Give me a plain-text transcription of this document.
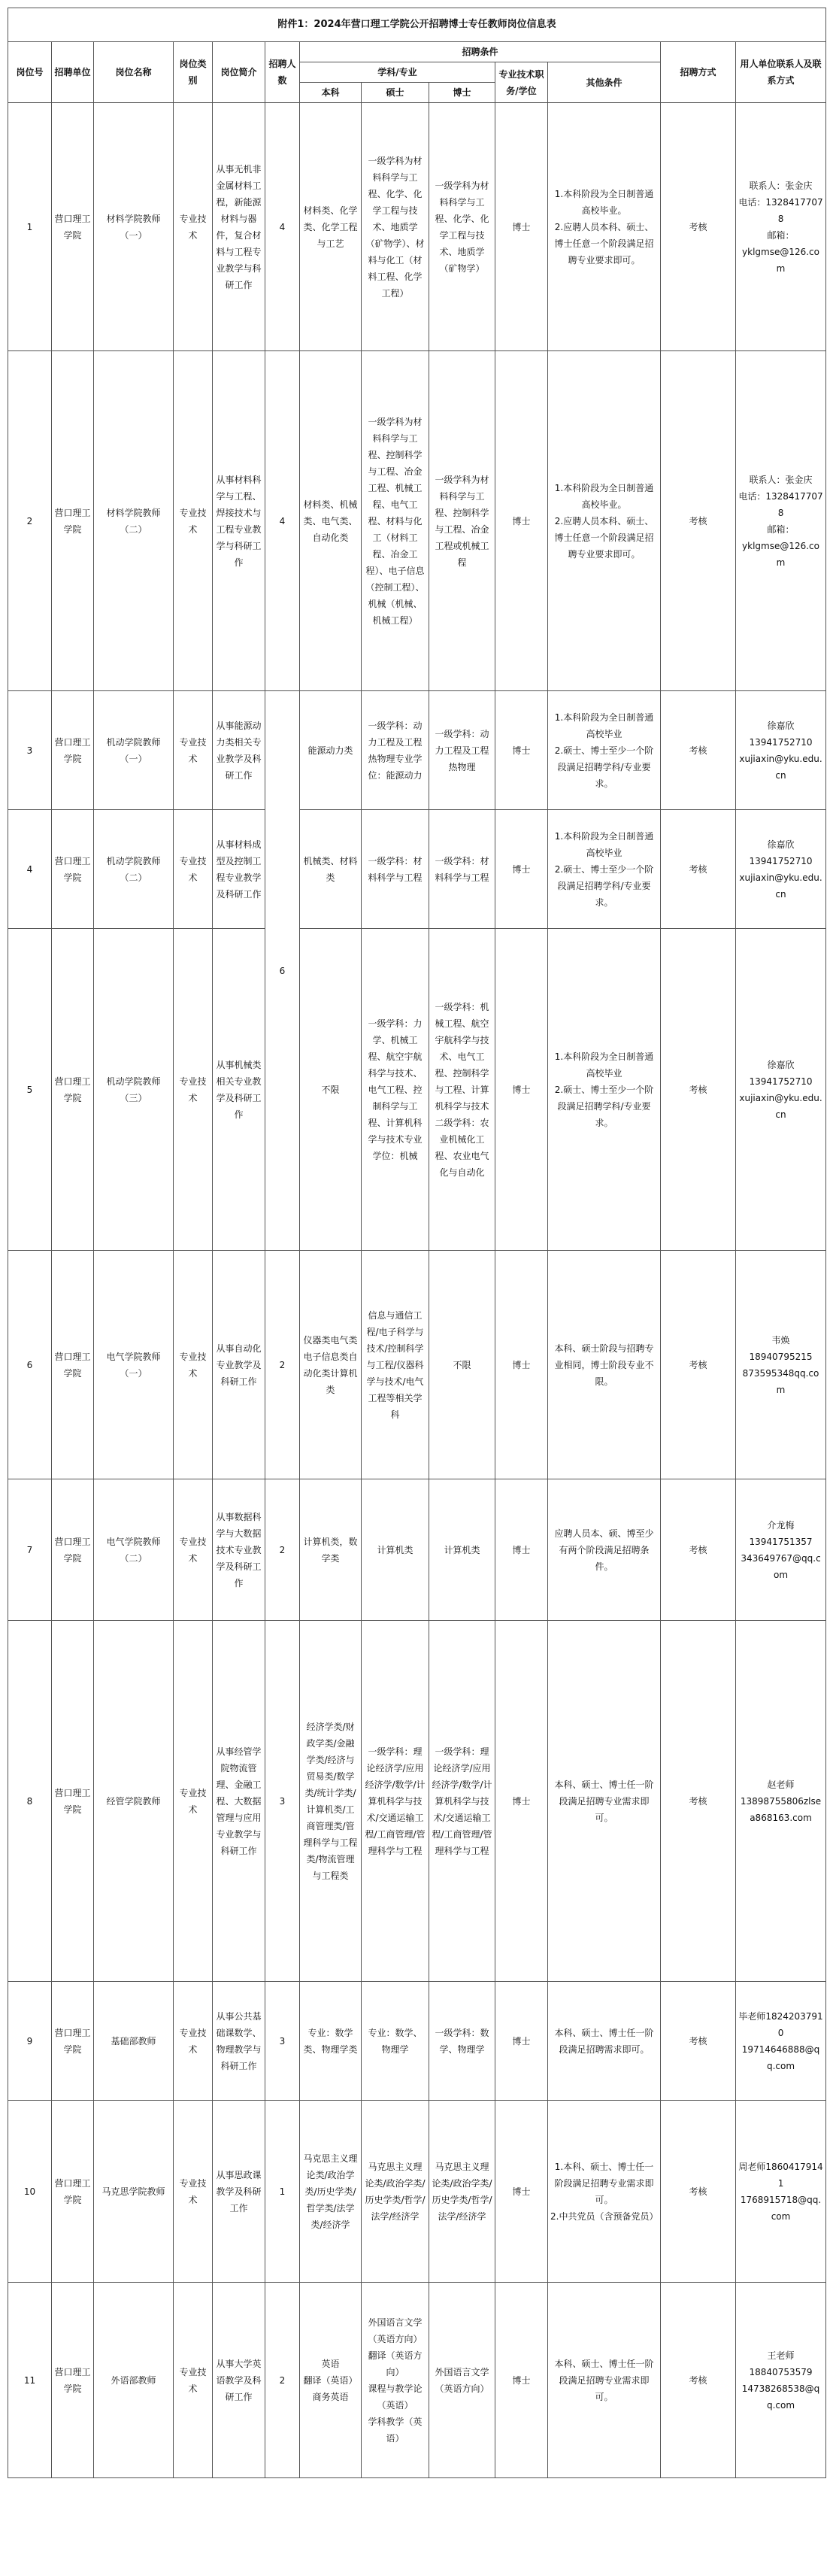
附件1：2024年营口理工学院公开招聘博士专任教师岗位信息表												
岗位号	招聘单位	岗位名称	岗位类别	岗位简介	招聘人数	招聘条件					招聘方式	用人单位联系人及联系方式
						学科/专业			专业技术职务/学位	其他条件		
						本科	硕士	博士				
1	营口理工学院	材料学院教师（一）	专业技术	从事无机非金属材料工程，新能源材料与器件，复合材料与工程专业教学与科研工作	4	材料类、化学类、化学工程与工艺	一级学科为材料科学与工程、化学、化学工程与技术、地质学（矿物学）、材料与化工（材料工程、化学工程）	一级学科为材料科学与工程、化学、化学工程与技术、地质学（矿物学）	博士	1.本科阶段为全日制普通高校毕业。
2.应聘人员本科、硕士、博士任意一个阶段满足招聘专业要求即可。	考核	联系人：张金庆
电话：13284177078
邮箱：
yklgmse@126.com
2	营口理工学院	材料学院教师（二）	专业技术	从事材料科学与工程、焊接技术与工程专业教学与科研工作	4	材料类、机械类、电气类、自动化类	一级学科为材料科学与工程、控制科学与工程、冶金工程、机械工程、电气工程、材料与化工（材料工程、冶金工程）、电子信息（控制工程）、机械（机械、机械工程）	一级学科为材料科学与工程、控制科学与工程、冶金工程或机械工程	博士	1.本科阶段为全日制普通高校毕业。
2.应聘人员本科、硕士、博士任意一个阶段满足招聘专业要求即可。	考核	联系人：张金庆
电话：13284177078
邮箱：
yklgmse@126.com
3	营口理工学院	机动学院教师（一）	专业技术	从事能源动力类相关专业教学及科研工作	6	能源动力类	一级学科：动力工程及工程热物理专业学位：能源动力	一级学科：动力工程及工程热物理	博士	1.本科阶段为全日制普通高校毕业
2.硕士、博士至少一个阶段满足招聘学科/专业要求。	考核	徐嘉欣
13941752710
xujiaxin@yku.edu.cn
4	营口理工学院	机动学院教师（二）	专业技术	从事材料成型及控制工程专业教学及科研工作		机械类、材料类	一级学科：材料科学与工程	一级学科：材料科学与工程	博士	1.本科阶段为全日制普通高校毕业
2.硕士、博士至少一个阶段满足招聘学科/专业要求。	考核	徐嘉欣
13941752710
xujiaxin@yku.edu.cn
5	营口理工学院	机动学院教师（三）	专业技术	从事机械类相关专业教学及科研工作		不限	一级学科：力学、机械工程、航空宇航科学与技术、电气工程、控制科学与工程、计算机科学与技术专业学位：机械	一级学科：机械工程、航空宇航科学与技术、电气工程、控制科学与工程、计算机科学与技术
二级学科：农业机械化工程、农业电气化与自动化	博士	1.本科阶段为全日制普通高校毕业
2.硕士、博士至少一个阶段满足招聘学科/专业要求。	考核	徐嘉欣
13941752710
xujiaxin@yku.edu.cn
6	营口理工学院	电气学院教师（一）	专业技术	从事自动化专业教学及科研工作	2	仪器类电气类电子信息类自动化类计算机类	信息与通信工程/电子科学与技术/控制科学与工程/仪器科学与技术/电气工程等相关学科	不限	博士	本科、硕士阶段与招聘专业相同，博士阶段专业不限。	考核	韦焕
18940795215
873595348qq.com
7	营口理工学院	电气学院教师（二）	专业技术	从事数据科学与大数据技术专业教学及科研工作	2	计算机类，数学类	计算机类	计算机类	博士	应聘人员本、硕、博至少有两个阶段满足招聘条件。	考核	介龙梅
13941751357
343649767@qq.com
8	营口理工学院	经管学院教师	专业技术	从事经管学院物流管理、金融工程、大数据管理与应用专业教学与科研工作	3	经济学类/财政学类/金融学类/经济与贸易类/数学类/统计学类/计算机类/工商管理类/管理科学与工程类/物流管理与工程类	一级学科：理论经济学/应用经济学/数学/计算机科学与技术/交通运输工程/工商管理/管理科学与工程	一级学科：理论经济学/应用经济学/数学/计算机科学与技术/交通运输工程/工商管理/管理科学与工程	博士	本科、硕士、博士任一阶段满足招聘专业需求即可。	考核	赵老师
13898755806zlsea868163.com
9	营口理工学院	基础部教师	专业技术	从事公共基础课数学、物理教学与科研工作	3	专业：数学类、物理学类	专业：数学、物理学	一级学科：数学、物理学	博士	本科、硕士、博士任一阶段满足招聘需求即可。	考核	毕老师18242037910
19714646888@qq.com
10	营口理工学院	马克思学院教师	专业技术	从事思政课教学及科研工作	1	马克思主义理论类/政治学类/历史学类/哲学类/法学类/经济学	马克思主义理论类/政治学类/历史学类/哲学/法学/经济学	马克思主义理论类/政治学类/历史学类/哲学/法学/经济学	博士	1.本科、硕士、博士任一阶段满足招聘专业需求即可。
2.中共党员（含预备党员）	考核	周老师18604179141
1768915718@qq.com
11	营口理工学院	外语部教师	专业技术	从事大学英语教学及科研工作	2	英语
翻译（英语）
商务英语	外国语言文学（英语方向）
翻译（英语方向）
课程与教学论（英语）
学科教学（英语）	外国语言文学（英语方向）	博士	本科、硕士、博士任一阶段满足招聘专业需求即可。	考核	王老师
18840753579
14738268538@qq.com
